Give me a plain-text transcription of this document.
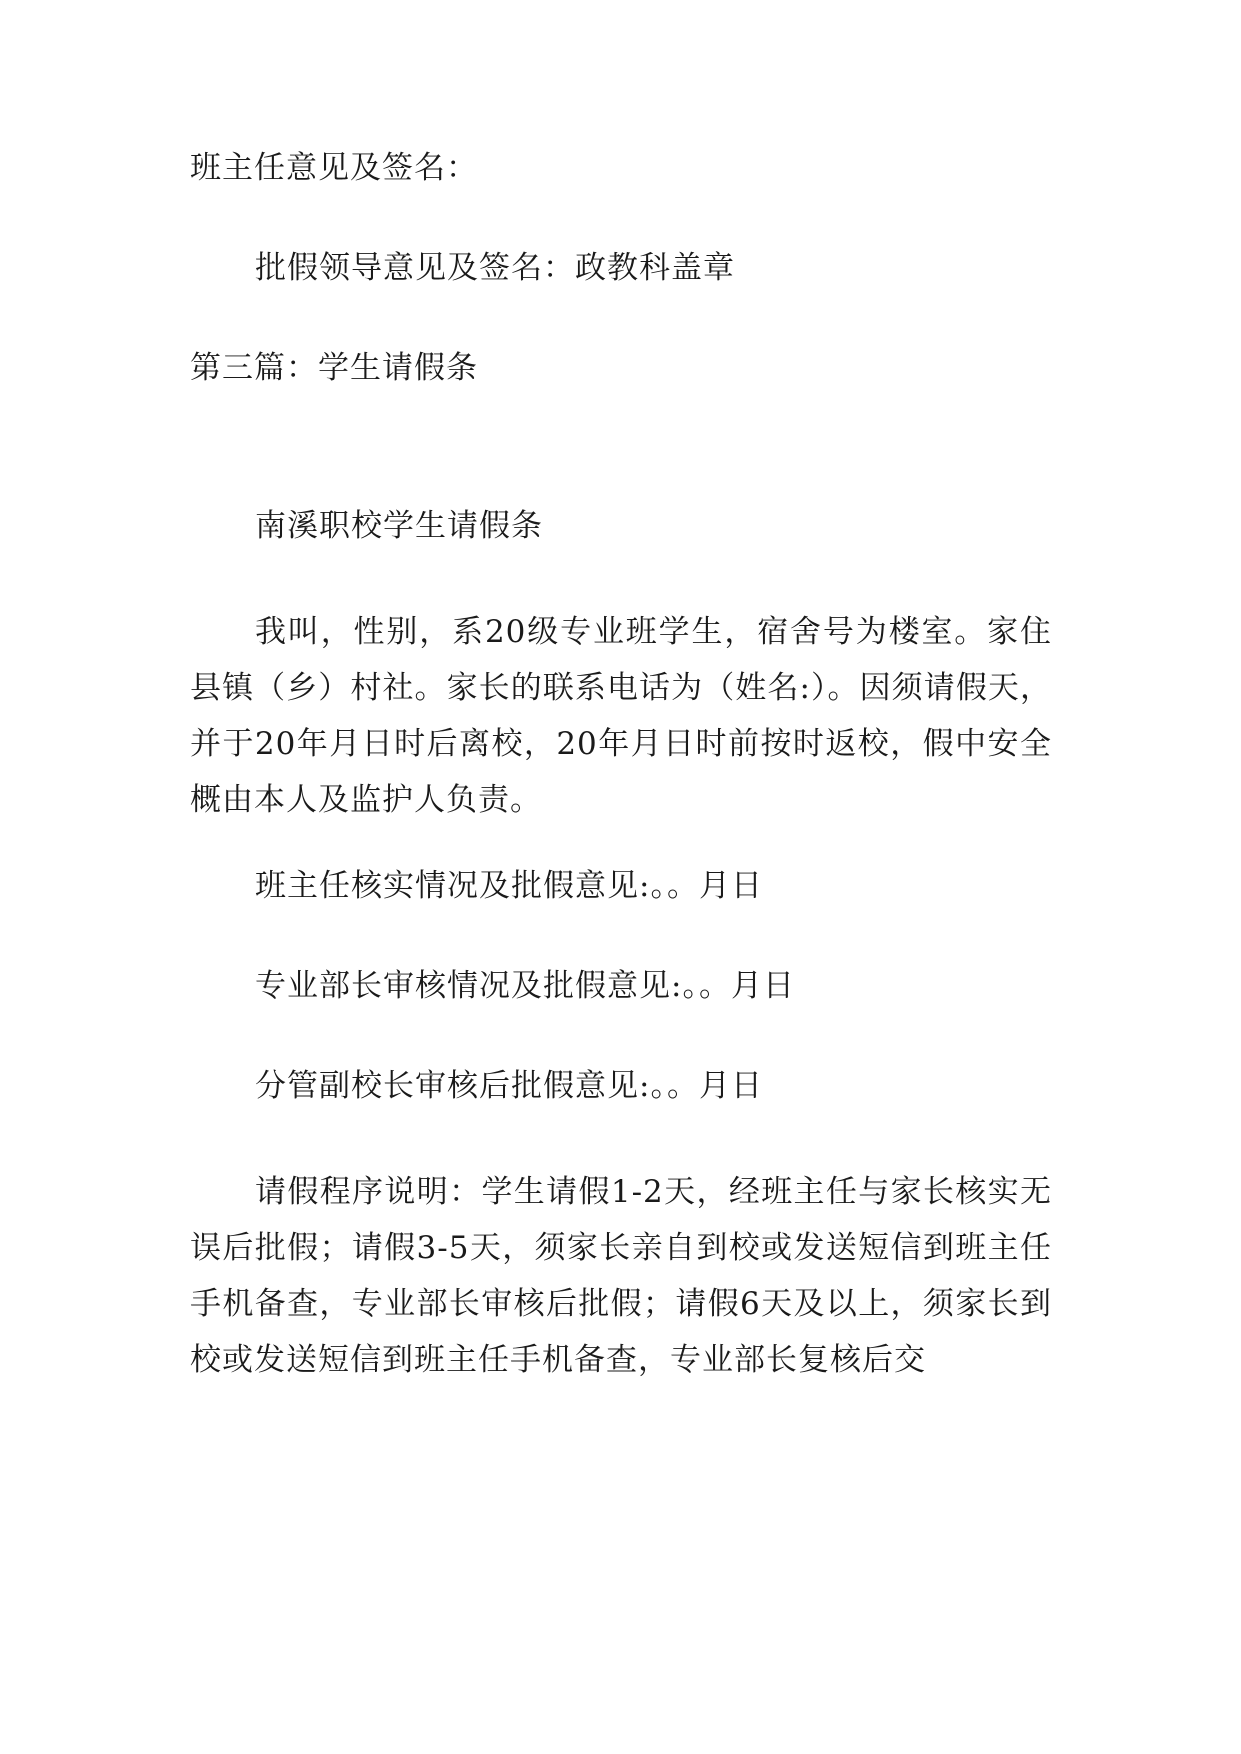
班主任意见及签名：
批假领导意见及签名：政教科盖章
第三篇：学生请假条
南溪职校学生请假条
我叫，性别，系20级专业班学生，宿舍号为楼室。家住县镇（乡）村社。家长的联系电话为（姓名:）。因须请假天，并于20年月日时后离校，20年月日时前按时返校，假中安全概由本人及监护人负责。
班主任核实情况及批假意见:。。月日
专业部长审核情况及批假意见:。。月日
分管副校长审核后批假意见:。。月日
请假程序说明：学生请假1-2天，经班主任与家长核实无误后批假；请假3-5天，须家长亲自到校或发送短信到班主任手机备查，专业部长审核后批假；请假6天及以上，须家长到校或发送短信到班主任手机备查，专业部长复核后交
